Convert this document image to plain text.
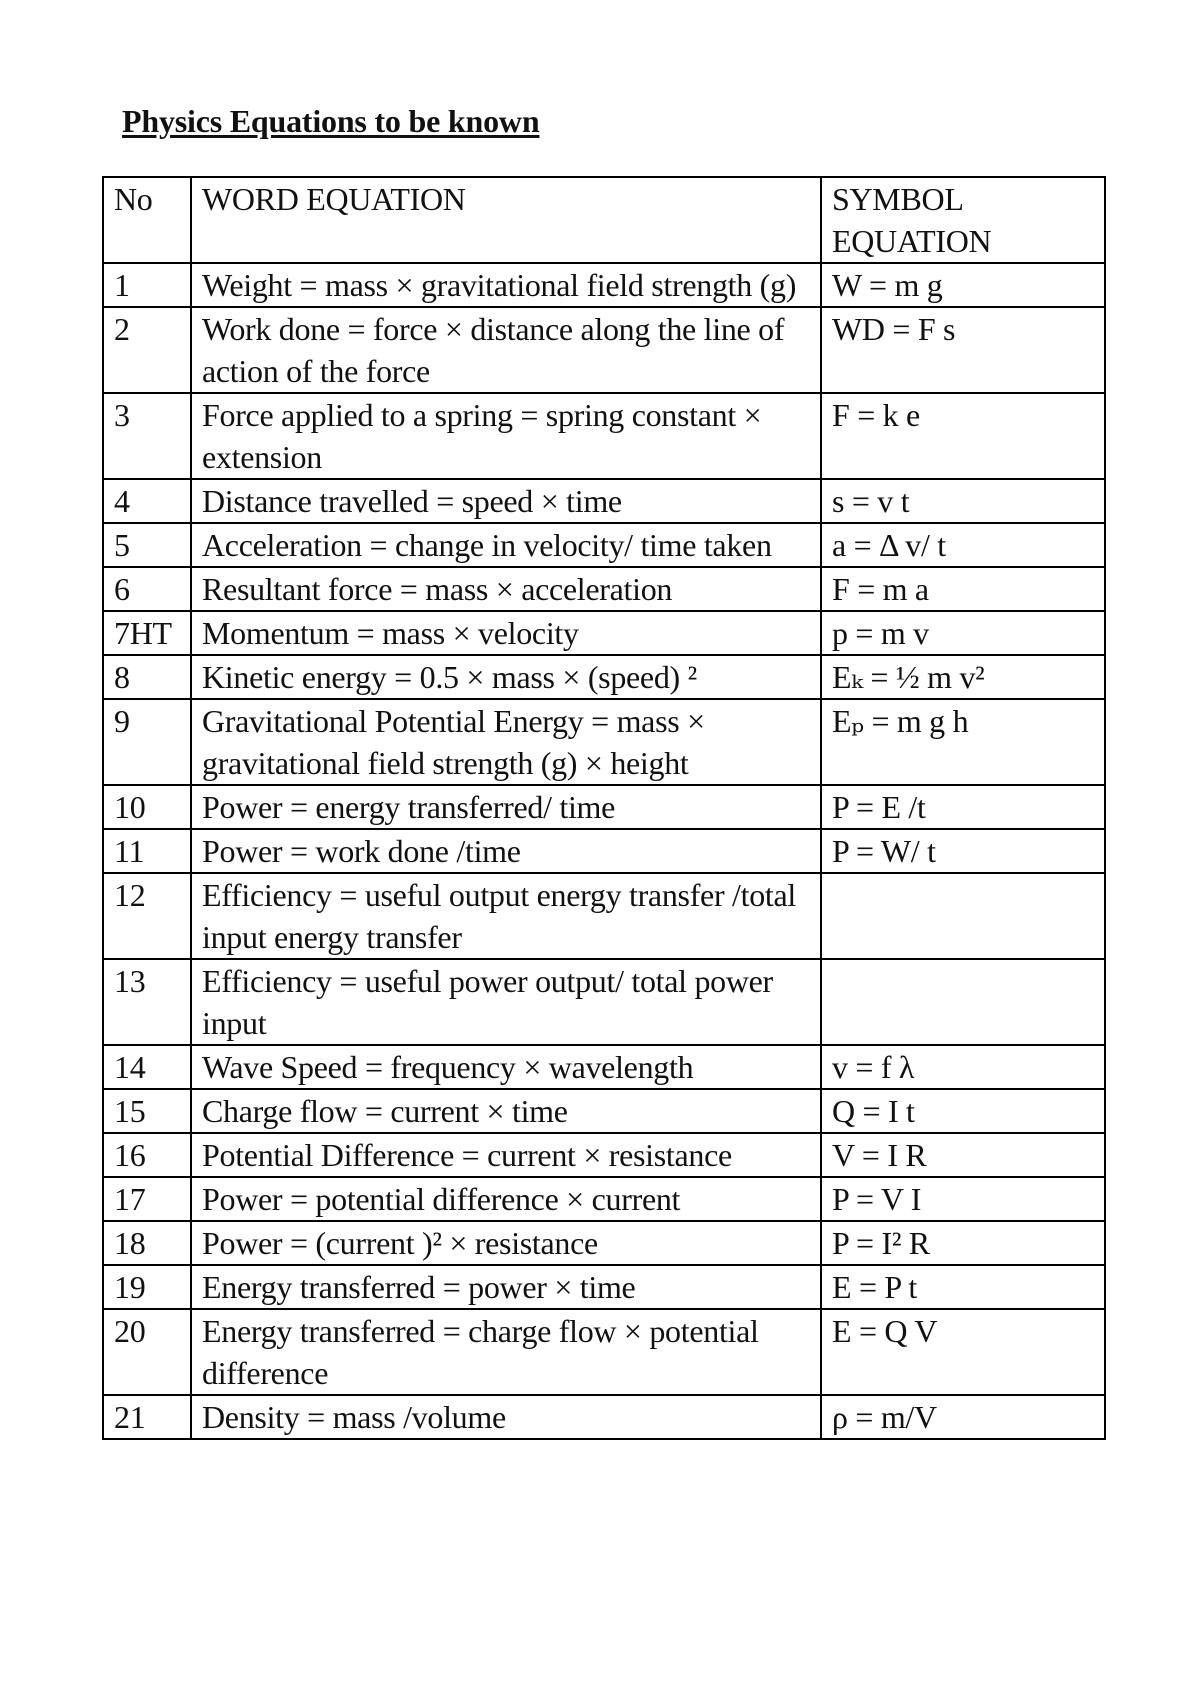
Physics Equations to be known
No	WORD EQUATION	SYMBOL EQUATION
1	Weight = mass × gravitational field strength (g)	W = m g
2	Work done = force × distance along the line of action of the force	WD = F s
3	Force applied to a spring = spring constant × extension	F = k e
4	Distance travelled = speed × time	s = v t
5	Acceleration = change in velocity/ time taken	a = Δ v/ t
6	Resultant force = mass × acceleration	F = m a
7HT	Momentum = mass × velocity	p = m v
8	Kinetic energy = 0.5 × mass × (speed) ²	Eₖ = ½ m v²
9	Gravitational Potential Energy = mass × gravitational field strength (g) × height	Eₚ = m g h
10	Power = energy transferred/ time	P = E /t
11	Power = work done /time	P = W/ t
12	Efficiency = useful output energy transfer /total input energy transfer	
13	Efficiency = useful power output/ total power input	
14	Wave Speed = frequency × wavelength	v = f λ
15	Charge flow = current × time	Q = I t
16	Potential Difference = current × resistance	V = I R
17	Power = potential difference × current	P = V I
18	Power = (current )² × resistance	P = I² R
19	Energy transferred = power × time	E = P t
20	Energy transferred = charge flow × potential difference	E = Q V
21	Density = mass /volume	ρ = m/V
